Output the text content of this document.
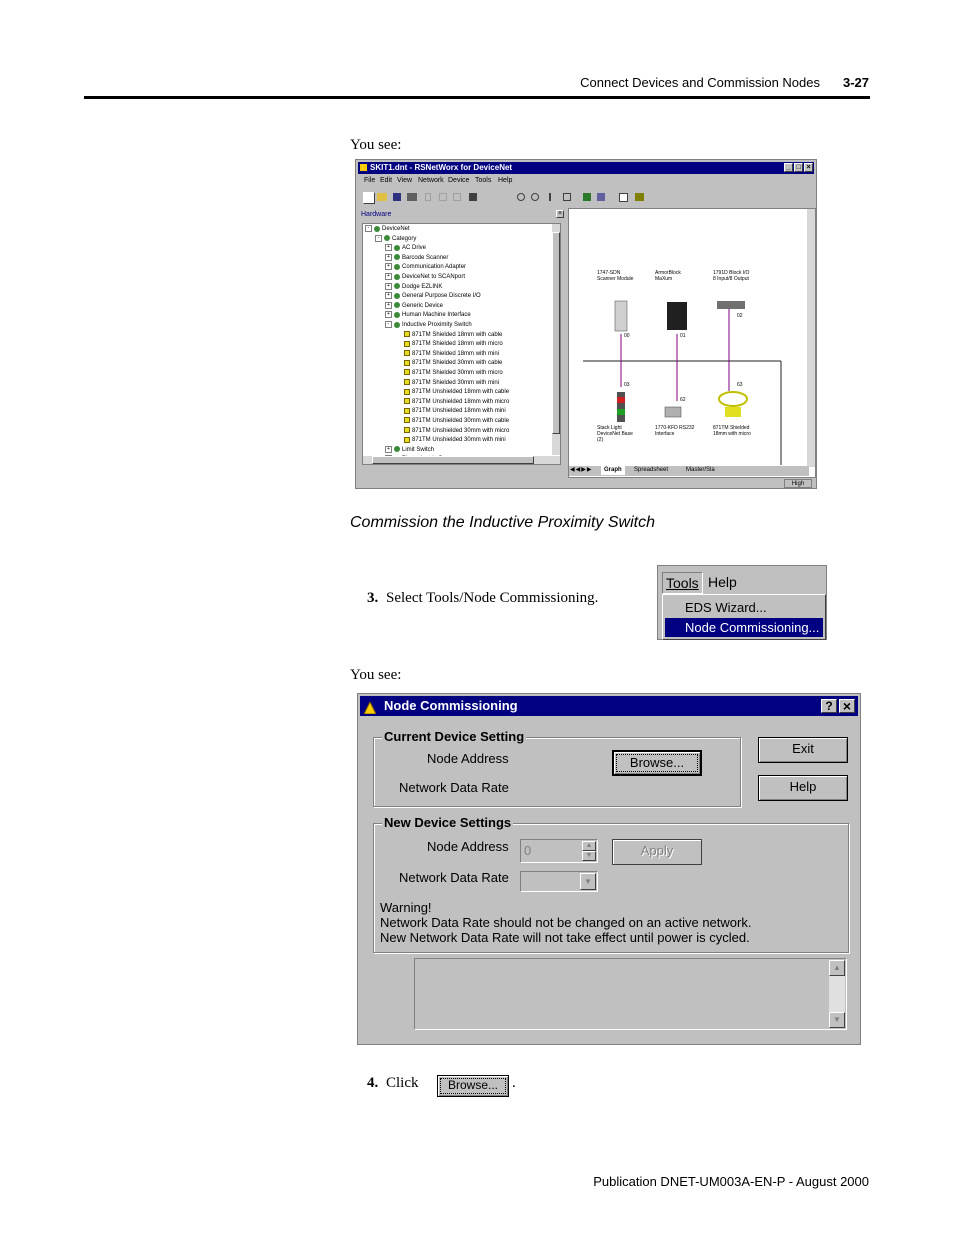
Connect Devices and Commission Nodes 3-27
You see:
SKIT1.dnt - RSNetWorx for DeviceNet	_ □ ×
File Edit View Network Device Tools Help
Hardware	×
- DeviceNet
- Category
+ AC Drive
+ Barcode Scanner
+ Communication Adapter
+ DeviceNet to SCANport
+ Dodge EZLINK
+ General Purpose Discrete I/O
+ Generic Device
+ Human Machine Interface
- Inductive Proximity Switch
871TM Shielded 18mm with cable
871TM Shielded 18mm with micro
871TM Shielded 18mm with mini
871TM Shielded 30mm with cable
871TM Shielded 30mm with micro
871TM Shielded 30mm with mini
871TM Unshielded 18mm with cable
871TM Unshielded 18mm with micro
871TM Unshielded 18mm with mini
871TM Unshielded 30mm with cable
871TM Unshielded 30mm with micro
871TM Unshielded 30mm with mini
+ Limit Switch
1747-SDN
Scanner Module
ArmorBlock
MaXum
1791D Block I/O
8 Input/8 Output
00	01
02
03
62
63
Stack Light
DeviceNet Base
(2)
1770-KFD RS232
Interface
871TM Shielded
18mm with micro
◀◀▶▶	Graph	Spreadsheet	Master/Sla
High
Commission the Inductive Proximity Switch
3. Select Tools/Node Commissioning.
Tools Help
EDS Wizard...
Node Commissioning...
You see:
Node Commissioning	? ×
Current Device Setting
Node Address
Network Data Rate
Browse...
Exit
Help
New Device Settings
Node Address 0	▲
▼	Apply
Network Data Rate	▼
Warning!
Network Data Rate should not be changed on an active network.
New Network Data Rate will not take effect until power is cycled.
▲
▼
4. Click	Browse... .
Publication DNET-UM003A-EN-P - August 2000
